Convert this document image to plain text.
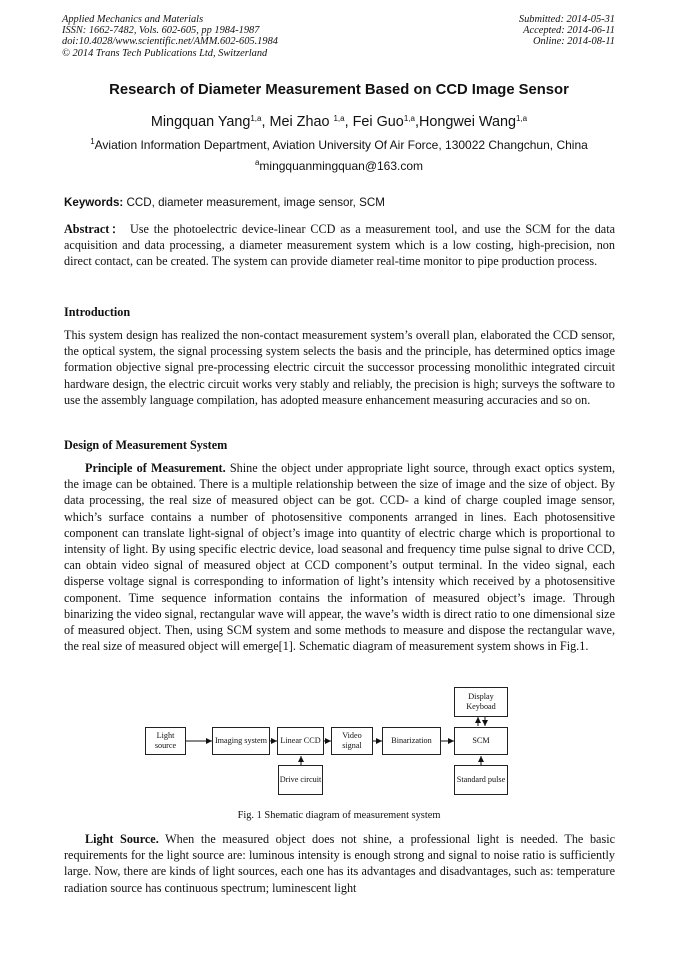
Applied Mechanics and Materials
ISSN: 1662-7482, Vols. 602-605, pp 1984-1987
doi:10.4028/www.scientific.net/AMM.602-605.1984
© 2014 Trans Tech Publications Ltd, Switzerland
Submitted: 2014-05-31
Accepted: 2014-06-11
Online: 2014-08-11
Research of Diameter Measurement Based on CCD Image Sensor
Mingquan Yang$^{1,a}$, Mei Zhao $^{1,a}$, Fei Guo$^{1,a}$,Hongwei Wang$^{1,a}$
$^1$Aviation Information Department, Aviation University Of Air Force, 130022 Changchun, China
$^a$mingquanmingquan@163.com
Keywords: CCD, diameter measurement, image sensor, SCM
Abstract： Use the photoelectric device-linear CCD as a measurement tool, and use the SCM for the data acquisition and data processing, a diameter measurement system which is a low costing, high-precision, non direct contact, can be created. The system can provide diameter real-time monitor to pipe production process.
Introduction
This system design has realized the non-contact measurement system’s overall plan, elaborated the CCD sensor, the optical system, the signal processing system selects the basis and the principle, has determined optics image formation objective signal pre-processing electric circuit the successor processing monolithic integrated circuit hardware design, the electric circuit works very stably and reliably, the precision is high; surveys the software to use the assembly language compilation, has adopted measure enhancement measuring accuracies and so on.
Design of Measurement System
Principle of Measurement. Shine the object under appropriate light source, through exact optics system, the image can be obtained. There is a multiple relationship between the size of image and the size of object. By data processing, the real size of measured object can be got. CCD- a kind of charge coupled image sensor, which’s surface contains a number of photosensitive components arranged in lines. Each photosensitive component can translate light-signal of object’s image into quantity of electric charge which is proportional to intensity of light. By using specific electric device, load seasonal and frequency time pulse signal to drive CCD, can obtain video signal of measured object at CCD component’s output terminal. In the video signal, each disperse voltage signal is corresponding to information of light’s intensity which received by a photosensitive component. Time sequence information contains the information of measured object’s image. Through binarizing the video signal, rectangular wave will appear, the wave’s width is direct ratio to one dimensional size of measured object. Then, using SCM system and some methods to measure and dispose the rectangular wave, the real size of measured object will emerge[1]. Schematic diagram of measurement system shows in Fig.1.
Light source
Imaging system	Linear CCD
Video signal
Binarization	SCM
Display Keyboad
Drive circuit	Standard pulse
Fig. 1 Shematic diagram of measurement system
Light Source. When the measured object does not shine, a professional light is needed. The basic requirements for the light source are: luminous intensity is enough strong and signal to noise ratio is sufficiently large. Now, there are kinds of light sources, each one has its advantages and disadvantages, such as: temperature radiation source has continuous spectrum; luminescent light
